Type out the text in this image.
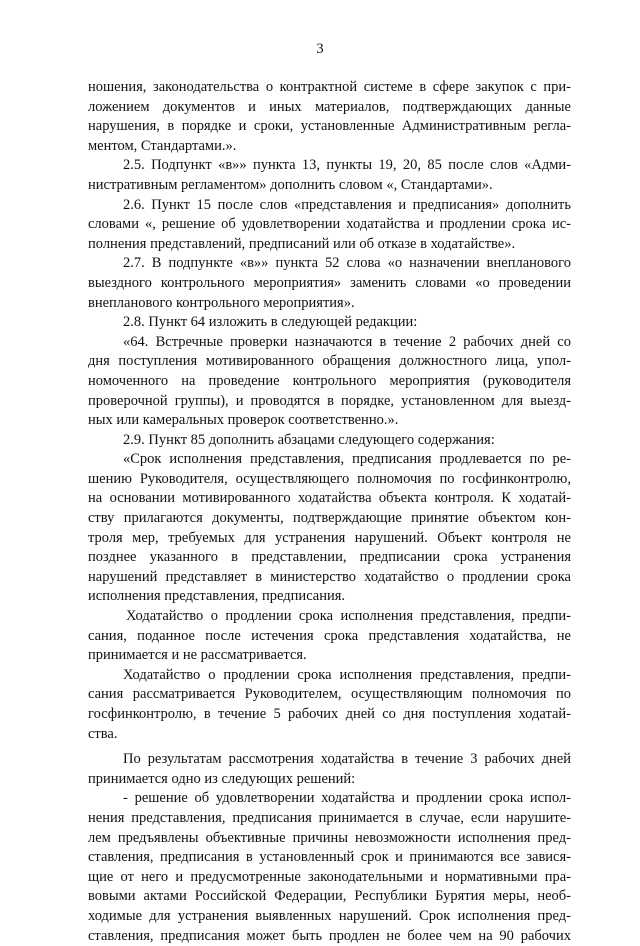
3
ношения, законодательства о контрактной системе в сфере закупок с при-
ложением документов и иных материалов, подтверждающих данные
нарушения, в порядке и сроки, установленные Административным регла-
ментом, Стандартами.».
2.5. Подпункт «в»» пункта 13, пункты 19, 20, 85 после слов «Адми-
нистративным регламентом» дополнить словом «, Стандартами».
2.6. Пункт 15 после слов «представления и предписания» дополнить
словами «, решение об удовлетворении ходатайства и продлении срока ис-
полнения представлений, предписаний или об отказе в ходатайстве».
2.7. В подпункте «в»» пункта 52 слова «о назначении внепланового
выездного контрольного мероприятия» заменить словами «о проведении
внепланового контрольного мероприятия».
2.8. Пункт 64 изложить в следующей редакции:
«64. Встречные проверки назначаются в течение 2 рабочих дней со
дня поступления мотивированного обращения должностного лица, упол-
номоченного на проведение контрольного мероприятия (руководителя
проверочной группы), и проводятся в порядке, установленном для выезд-
ных или камеральных проверок соответственно.».
2.9. Пункт 85 дополнить абзацами следующего содержания:
«Срок исполнения представления, предписания продлевается по ре-
шению Руководителя, осуществляющего полномочия по госфинконтролю,
на основании мотивированного ходатайства объекта контроля. К ходатай-
ству прилагаются документы, подтверждающие принятие объектом кон-
троля мер, требуемых для устранения нарушений. Объект контроля не
позднее указанного в представлении, предписании срока устранения
нарушений представляет в министерство ходатайство о продлении срока
исполнения представления, предписания.
Ходатайство о продлении срока исполнения представления, предпи-
сания, поданное после истечения срока представления ходатайства, не
принимается и не рассматривается.
Ходатайство о продлении срока исполнения представления, предпи-
сания рассматривается Руководителем, осуществляющим полномочия по
госфинконтролю, в течение 5 рабочих дней со дня поступления ходатай-
ства.
По результатам рассмотрения ходатайства в течение 3 рабочих дней
принимается одно из следующих решений:
- решение об удовлетворении ходатайства и продлении срока испол-
нения представления, предписания принимается в случае, если нарушите-
лем предъявлены объективные причины невозможности исполнения пред-
ставления, предписания в установленный срок и принимаются все завися-
щие от него и предусмотренные законодательными и нормативными пра-
вовыми актами Российской Федерации, Республики Бурятия меры, необ-
ходимые для устранения выявленных нарушений. Срок исполнения пред-
ставления, предписания может быть продлен не более чем на 90 рабочих
